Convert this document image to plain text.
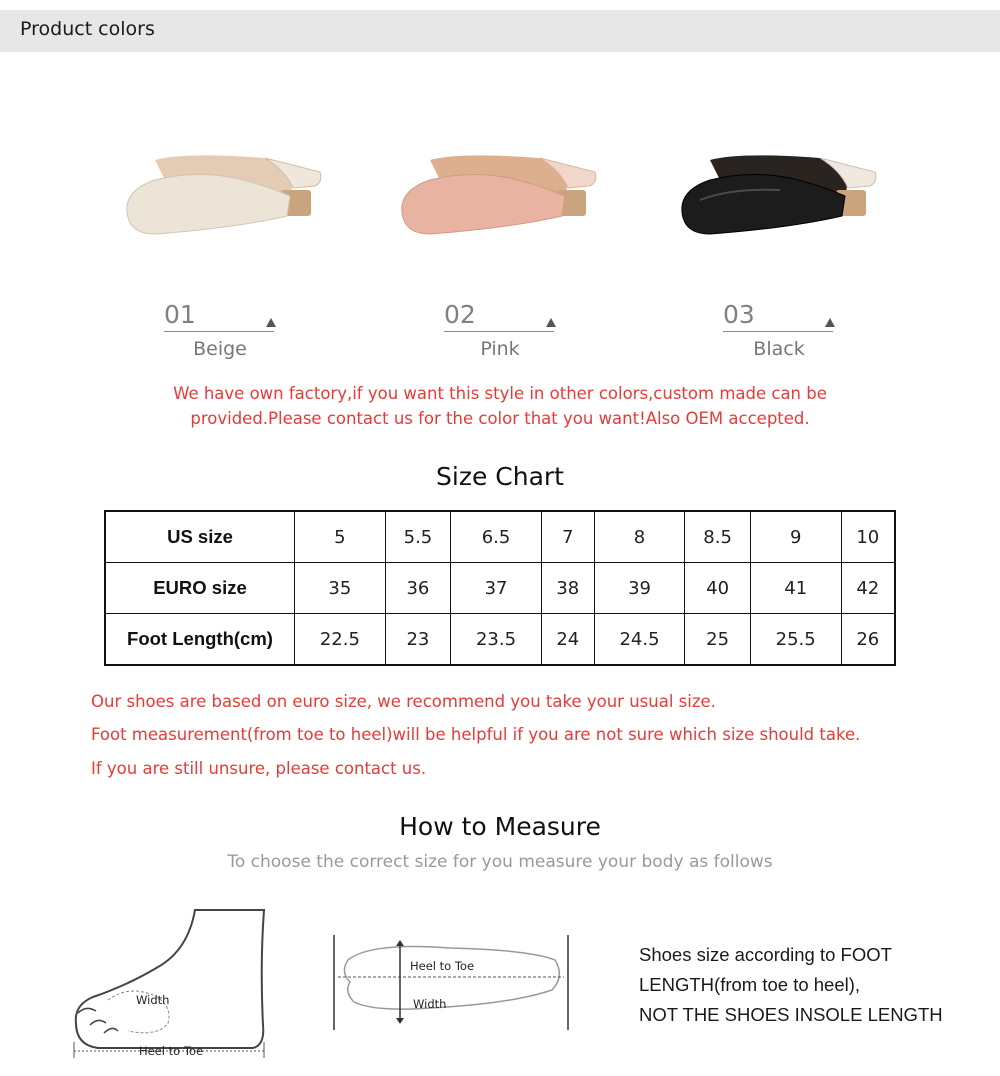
Product colors
01
Beige
02
Pink
03
Black
We have own factory,if you want this style in other colors,custom made can be
provided.Please contact us for the color that you want!Also OEM accepted.
Size Chart
US size	5	5.5	6.5	7	8	8.5	9	10
EURO size	35	36	37	38	39	40	41	42
Foot Length(cm)	22.5	23	23.5	24	24.5	25	25.5	26
Our shoes are based on euro size, we recommend you take your usual size.
Foot measurement(from toe to heel)will be helpful if you are not sure which size should take.
If you are still unsure, please contact us.
How to Measure
To choose the correct size for you measure your body as follows
Width
Heel to Toe
Heel to Toe
Width
Shoes size according to FOOT
LENGTH(from toe to heel),
NOT THE SHOES INSOLE LENGTH
